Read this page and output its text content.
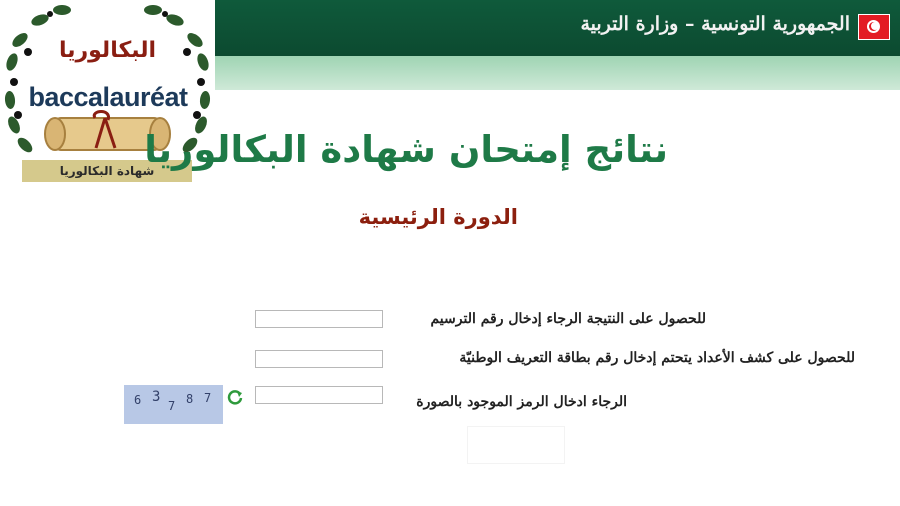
البكالوريا
baccalauréat
شهادة البكالوريا
الجمهورية التونسية – وزارة التربية
نتائج إمتحان شهادة البكالوريا
الدورة الرئيسية
للحصول على النتيجة الرجاء إدخال رقم الترسيم
للحصول على كشف الأعداد يتحتم إدخال رقم بطاقة التعريف الوطنيّة
الرجاء ادخال الرمز الموجود بالصورة
6 3
7 8 7
